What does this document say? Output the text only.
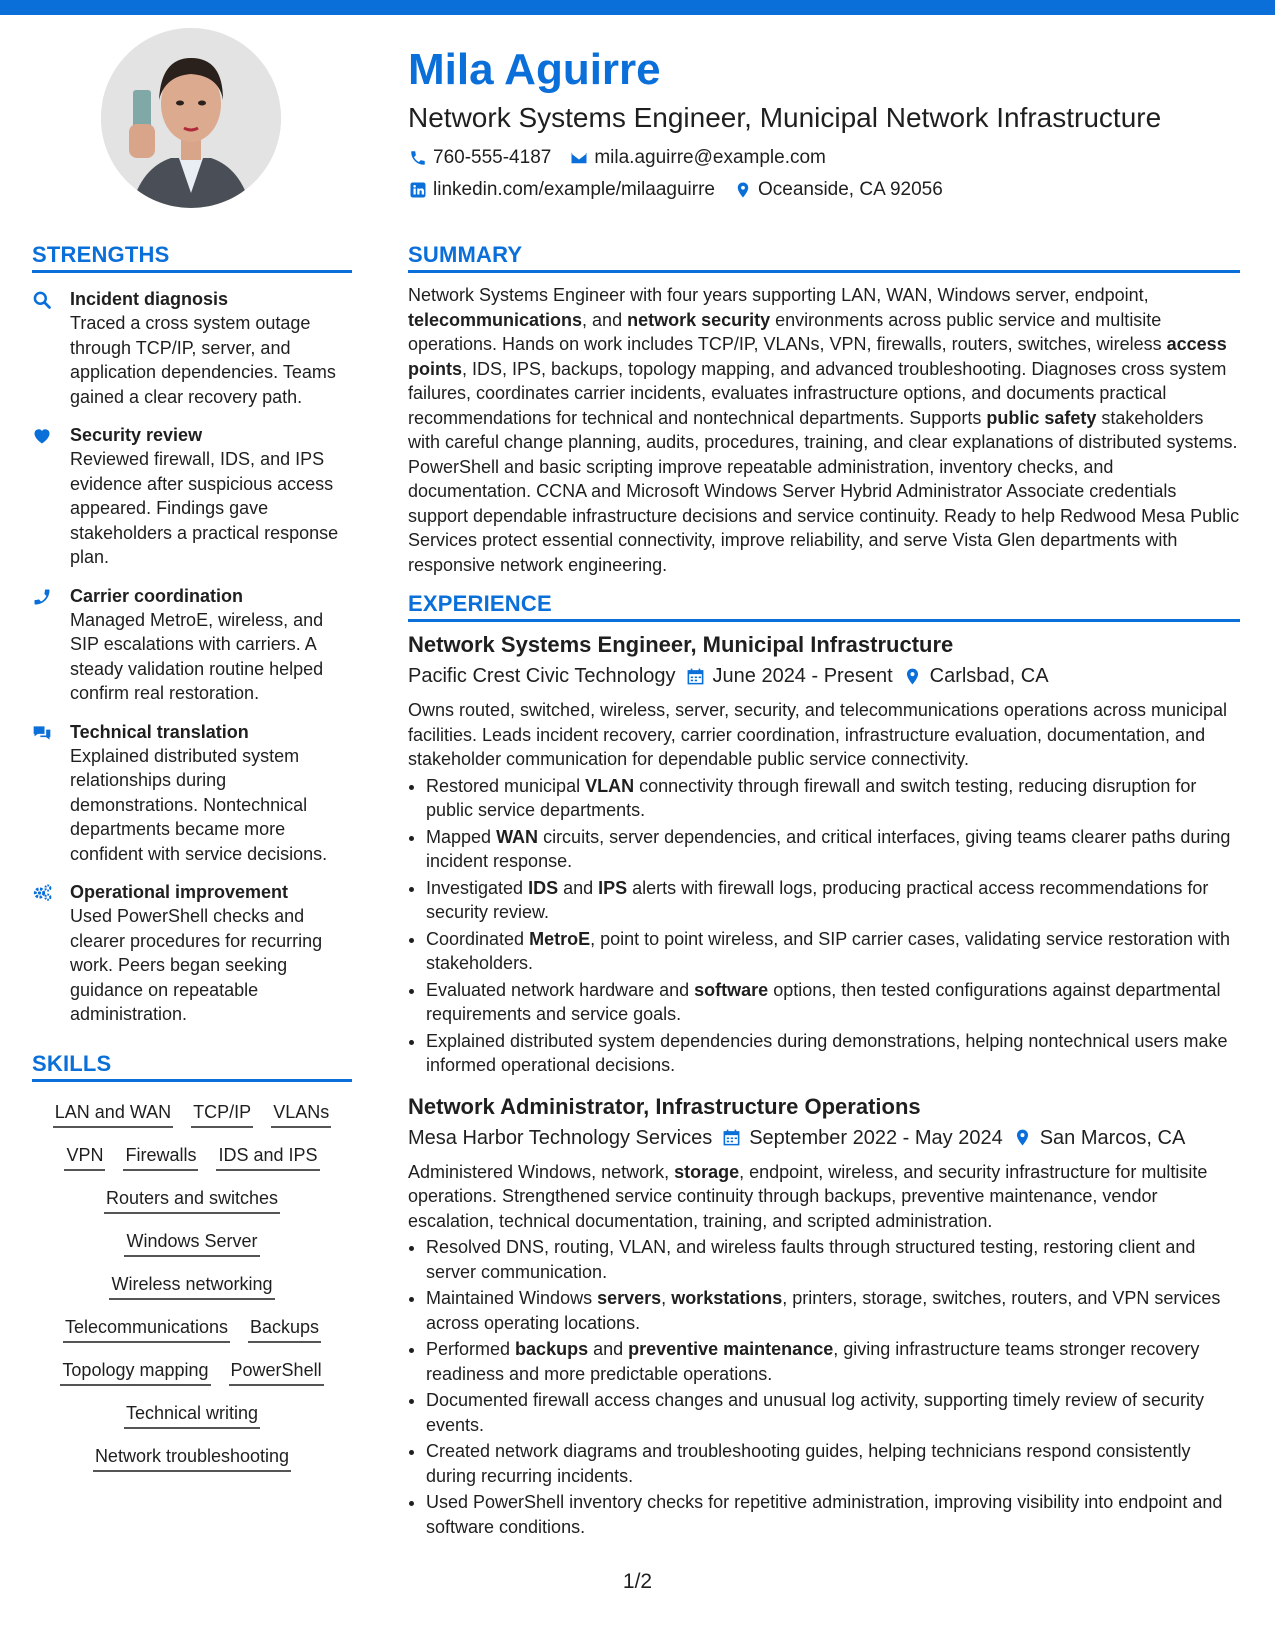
Mila Aguirre
Network Systems Engineer, Municipal Network Infrastructure
760-555-4187 mila.aguirre@example.com
linkedin.com/example/milaaguirre Oceanside, CA 92056
STRENGTHS
Incident diagnosis
Traced a cross system outage through TCP/IP, server, and application dependencies. Teams gained a clear recovery path.
Security review
Reviewed firewall, IDS, and IPS evidence after suspicious access appeared. Findings gave stakeholders a practical response plan.
Carrier coordination
Managed MetroE, wireless, and SIP escalations with carriers. A steady validation routine helped confirm real restoration.
Technical translation
Explained distributed system relationships during demonstrations. Nontechnical departments became more confident with service decisions.
Operational improvement
Used PowerShell checks and clearer procedures for recurring work. Peers began seeking guidance on repeatable administration.
SKILLS
LAN and WAN TCP/IP VLANs
VPN Firewalls IDS and IPS
Routers and switches
Windows Server
Wireless networking
Telecommunications Backups
Topology mapping PowerShell
Technical writing
Network troubleshooting
SUMMARY
Network Systems Engineer with four years supporting LAN, WAN, Windows server, endpoint, telecommunications, and network security environments across public service and multisite operations. Hands on work includes TCP/IP, VLANs, VPN, firewalls, routers, switches, wireless access points, IDS, IPS, backups, topology mapping, and advanced troubleshooting. Diagnoses cross system failures, coordinates carrier incidents, evaluates infrastructure options, and documents practical recommendations for technical and nontechnical departments. Supports public safety stakeholders with careful change planning, audits, procedures, training, and clear explanations of distributed systems. PowerShell and basic scripting improve repeatable administration, inventory checks, and documentation. CCNA and Microsoft Windows Server Hybrid Administrator Associate credentials support dependable infrastructure decisions and service continuity. Ready to help Redwood Mesa Public Services protect essential connectivity, improve reliability, and serve Vista Glen departments with responsive network engineering.
EXPERIENCE
Network Systems Engineer, Municipal Infrastructure
Pacific Crest Civic Technology June 2024 - Present Carlsbad, CA
Owns routed, switched, wireless, server, security, and telecommunications operations across municipal facilities. Leads incident recovery, carrier coordination, infrastructure evaluation, documentation, and stakeholder communication for dependable public service connectivity.
• Restored municipal VLAN connectivity through firewall and switch testing, reducing disruption for public service departments.
• Mapped WAN circuits, server dependencies, and critical interfaces, giving teams clearer paths during incident response.
• Investigated IDS and IPS alerts with firewall logs, producing practical access recommendations for security review.
• Coordinated MetroE, point to point wireless, and SIP carrier cases, validating service restoration with stakeholders.
• Evaluated network hardware and software options, then tested configurations against departmental requirements and service goals.
• Explained distributed system dependencies during demonstrations, helping nontechnical users make informed operational decisions.
Network Administrator, Infrastructure Operations
Mesa Harbor Technology Services September 2022 - May 2024 San Marcos, CA
Administered Windows, network, storage, endpoint, wireless, and security infrastructure for multisite operations. Strengthened service continuity through backups, preventive maintenance, vendor escalation, technical documentation, training, and scripted administration.
• Resolved DNS, routing, VLAN, and wireless faults through structured testing, restoring client and server communication.
• Maintained Windows servers, workstations, printers, storage, switches, routers, and VPN services across operating locations.
• Performed backups and preventive maintenance, giving infrastructure teams stronger recovery readiness and more predictable operations.
• Documented firewall access changes and unusual log activity, supporting timely review of security events.
• Created network diagrams and troubleshooting guides, helping technicians respond consistently during recurring incidents.
• Used PowerShell inventory checks for repetitive administration, improving visibility into endpoint and software conditions.
1/2
